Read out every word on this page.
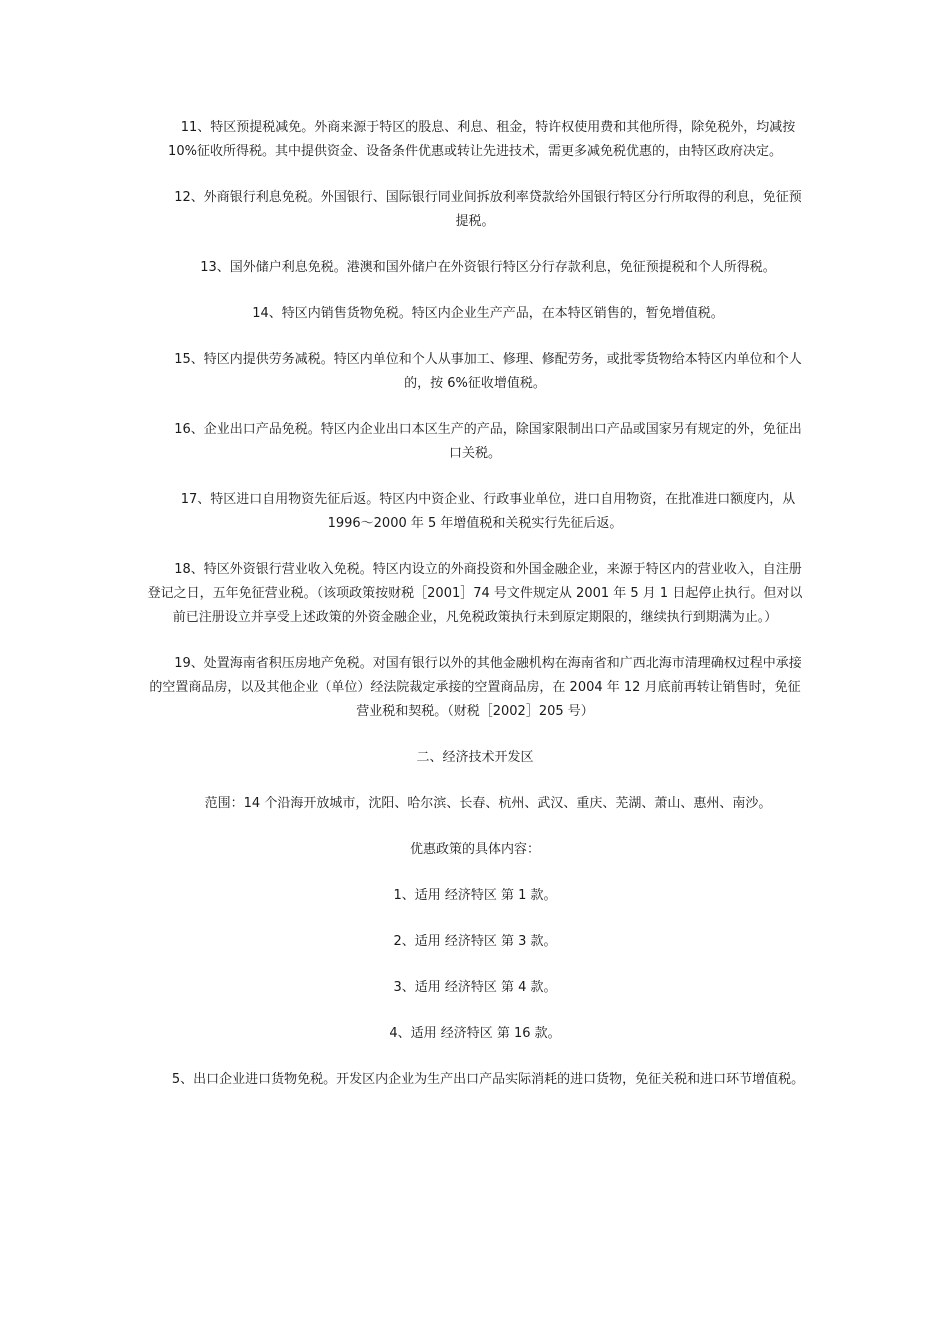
11、特区预提税减免。外商来源于特区的股息、利息、租金，特许权使用费和其他所得，除免税外，均减按 10%征收所得税。其中提供资金、设备条件优惠或转让先进技术，需更多减免税优惠的，由特区政府决定。

12、外商银行利息免税。外国银行、国际银行同业间拆放利率贷款给外国银行特区分行所取得的利息，免征预提税。

13、国外储户利息免税。港澳和国外储户在外资银行特区分行存款利息，免征预提税和个人所得税。

14、特区内销售货物免税。特区内企业生产产品，在本特区销售的，暂免增值税。

15、特区内提供劳务减税。特区内单位和个人从事加工、修理、修配劳务，或批零货物给本特区内单位和个人的，按 6%征收增值税。

16、企业出口产品免税。特区内企业出口本区生产的产品，除国家限制出口产品或国家另有规定的外，免征出口关税。

17、特区进口自用物资先征后返。特区内中资企业、行政事业单位，进口自用物资，在批准进口额度内，从 1996～2000 年 5 年增值税和关税实行先征后返。

18、特区外资银行营业收入免税。特区内设立的外商投资和外国金融企业，来源于特区内的营业收入，自注册登记之日，五年免征营业税。（该项政策按财税［2001］74 号文件规定从 2001 年 5 月 1 日起停止执行。但对以前已注册设立并享受上述政策的外资金融企业，凡免税政策执行未到原定期限的，继续执行到期满为止。）

19、处置海南省积压房地产免税。对国有银行以外的其他金融机构在海南省和广西北海市清理确权过程中承接的空置商品房，以及其他企业（单位）经法院裁定承接的空置商品房，在 2004 年 12 月底前再转让销售时，免征营业税和契税。（财税［2002］205 号）

二、经济技术开发区

范围：14 个沿海开放城市，沈阳、哈尔滨、长春、杭州、武汉、重庆、芜湖、萧山、惠州、南沙。

优惠政策的具体内容：

1、适用 经济特区 第 1 款。

2、适用 经济特区 第 3 款。

3、适用 经济特区 第 4 款。

4、适用 经济特区 第 16 款。

5、出口企业进口货物免税。开发区内企业为生产出口产品实际消耗的进口货物，免征关税和进口环节增值税。
